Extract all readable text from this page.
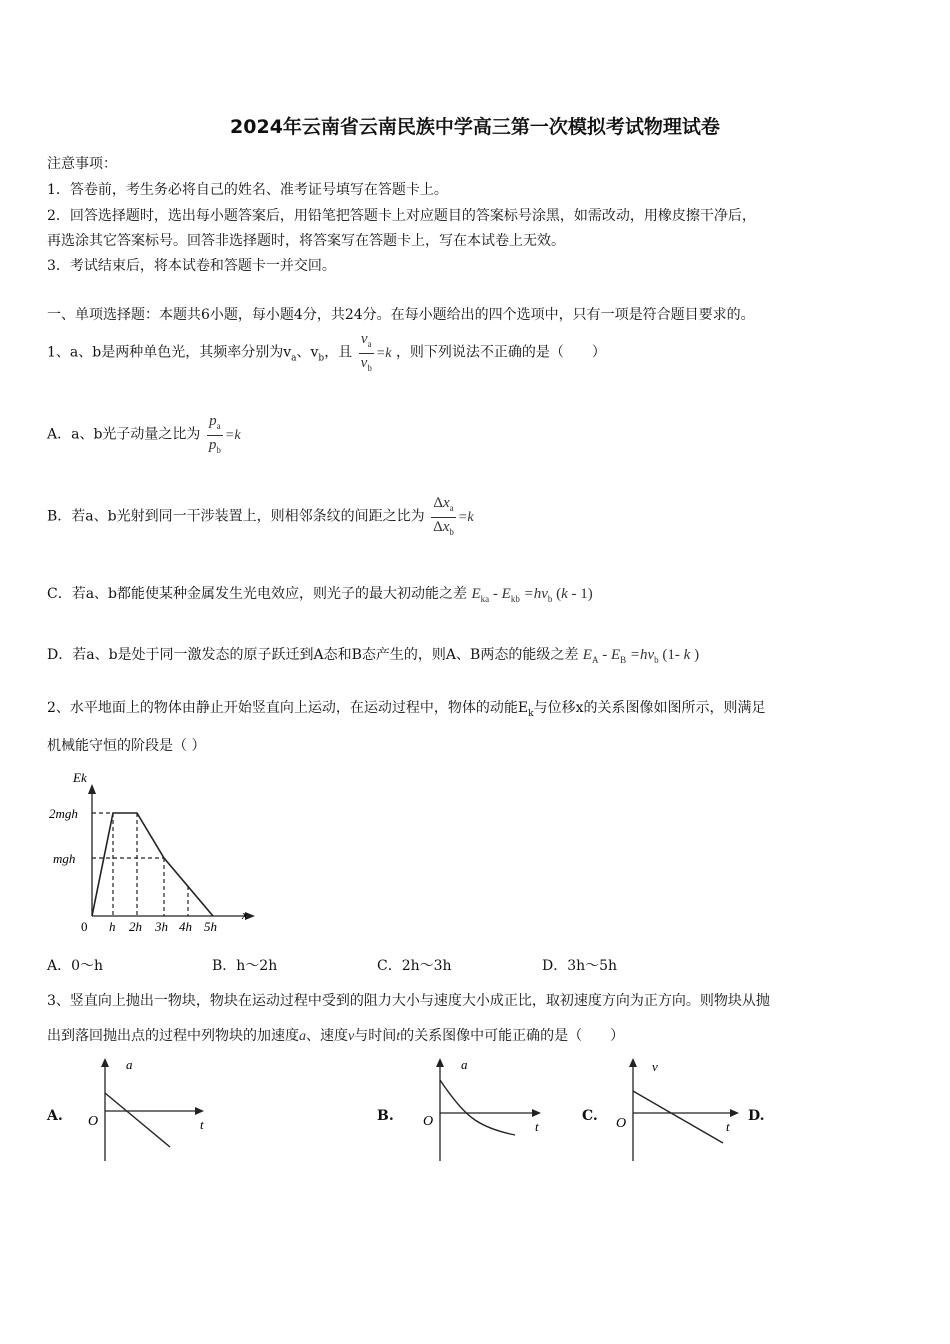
2024年云南省云南民族中学高三第一次模拟考试物理试卷
注意事项：
1．答卷前，考生务必将自己的姓名、准考证号填写在答题卡上。
2．回答选择题时，选出每小题答案后，用铅笔把答题卡上对应题目的答案标号涂黑，如需改动，用橡皮擦干净后，
再选涂其它答案标号。回答非选择题时，将答案写在答题卡上，写在本试卷上无效。
3．考试结束后，将本试卷和答题卡一并交回。
一、单项选择题：本题共6小题，每小题4分，共24分。在每小题给出的四个选项中，只有一项是符合题目要求的。
1、a、b是两种单色光，其频率分别为$v_a$、$v_b$，且 $\frac{v_a}{v_b} =k$ ，则下列说法不正确的是（　　）
A．a、b光子动量之比为 $\frac{p_a}{p_b} =k$
B．若a、b光射到同一干涉装置上，则相邻条纹的间距之比为 $\frac{\Delta x_a}{\Delta x_b} =k$
C．若a、b都能使某种金属发生光电效应，则光子的最大初动能之差 $E_{ka} - E_{kb} =hv_b$ (k - 1)
D．若a、b是处于同一激发态的原子跃迁到A态和B态产生的，则A、B两态的能级之差 $E_A - E_B =hv_b$ (1- k )
2、水平地面上的物体由静止开始竖直向上运动，在运动过程中，物体的动能$E_k$与位移x的关系图像如图所示，则满足
机械能守恒的阶段是（ ）
Ek
2mgh
mgh
0 h 2h 3h 4h 5h
x
A．0～h	B．h～2h	C．2h～3h	D．3h～5h
3、竖直向上抛出一物块，物块在运动过程中受到的阻力大小与速度大小成正比，取初速度方向为正方向。则物块从抛
出到落回抛出点的过程中列物块的加速度a、速度v与时间t的关系图像中可能正确的是（　　）
A.
a
O	t
B.
a
O	t
C.
v
O	t
D.
